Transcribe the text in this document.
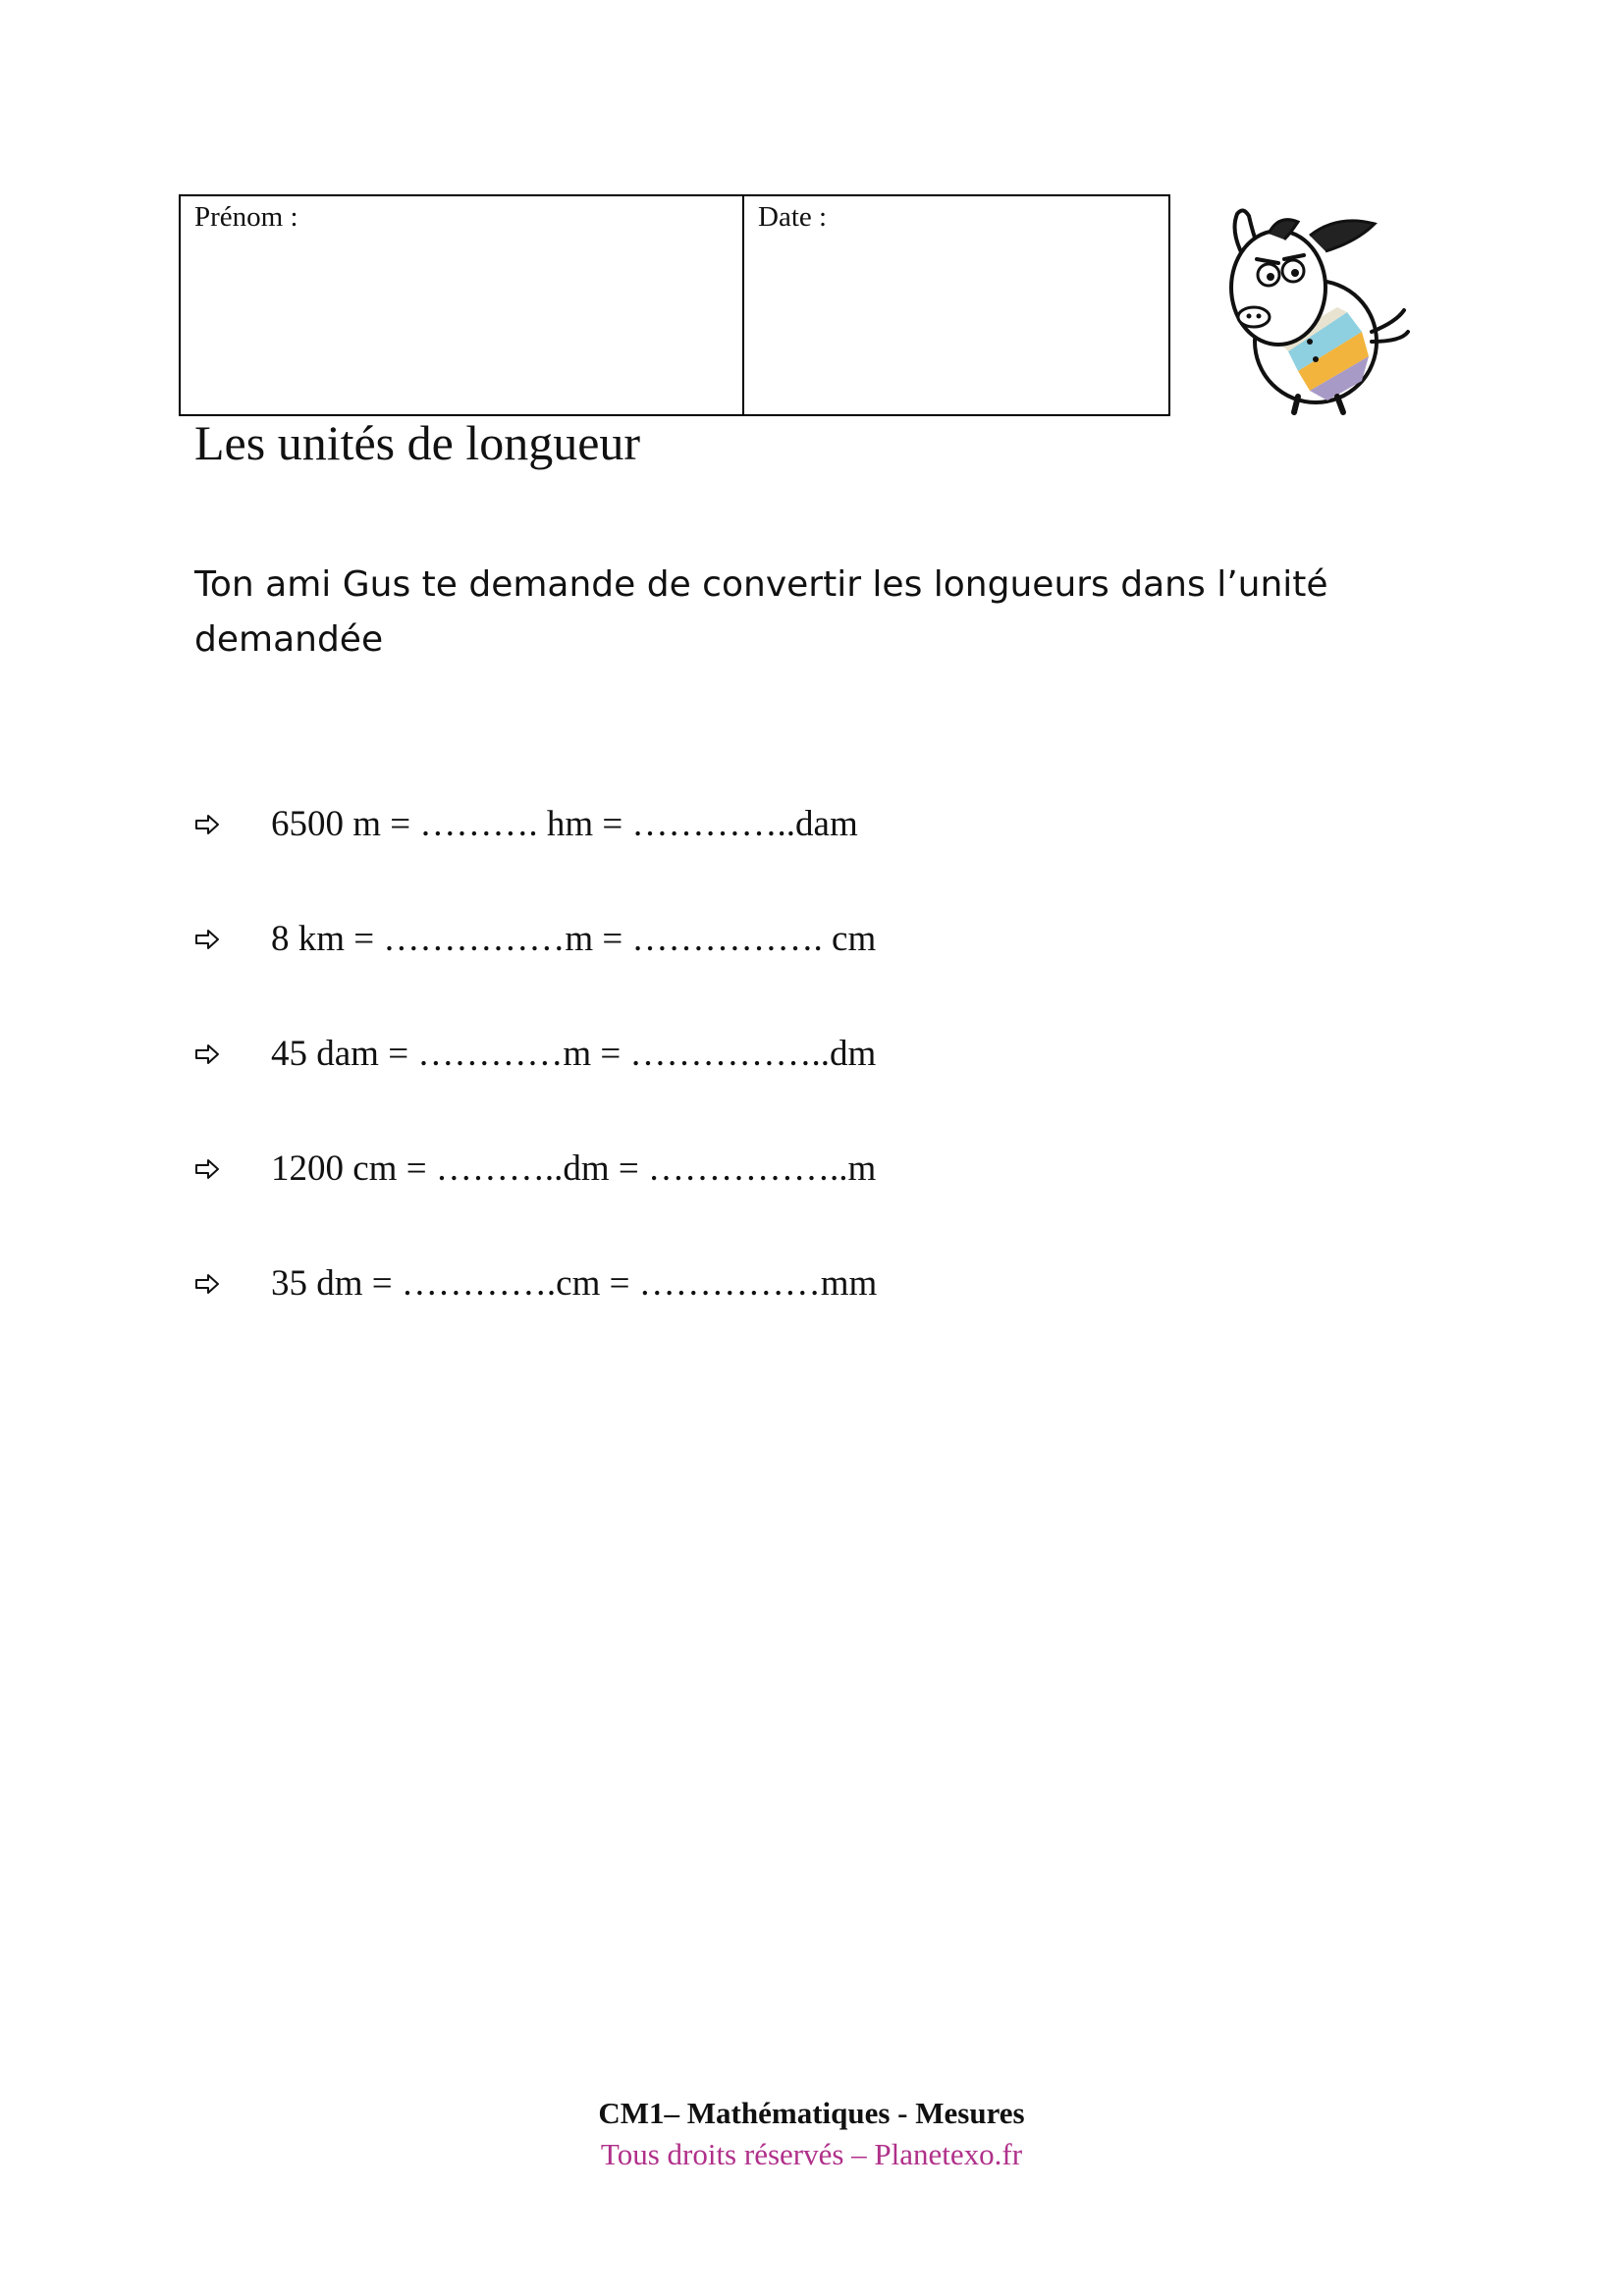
Prénom :	Date :
Les unités de longueur
Ton ami Gus te demande de convertir les longueurs dans l’unité demandée
6500 m = ………. hm = …………..dam
8 km = ……………m = ……………. cm
45 dam = …………m = ……………..dm
1200 cm = ………..dm = ……………..m
35 dm = ………….cm = ……………mm
CM1– Mathématiques - Mesures
Tous droits réservés – Planetexo.fr
